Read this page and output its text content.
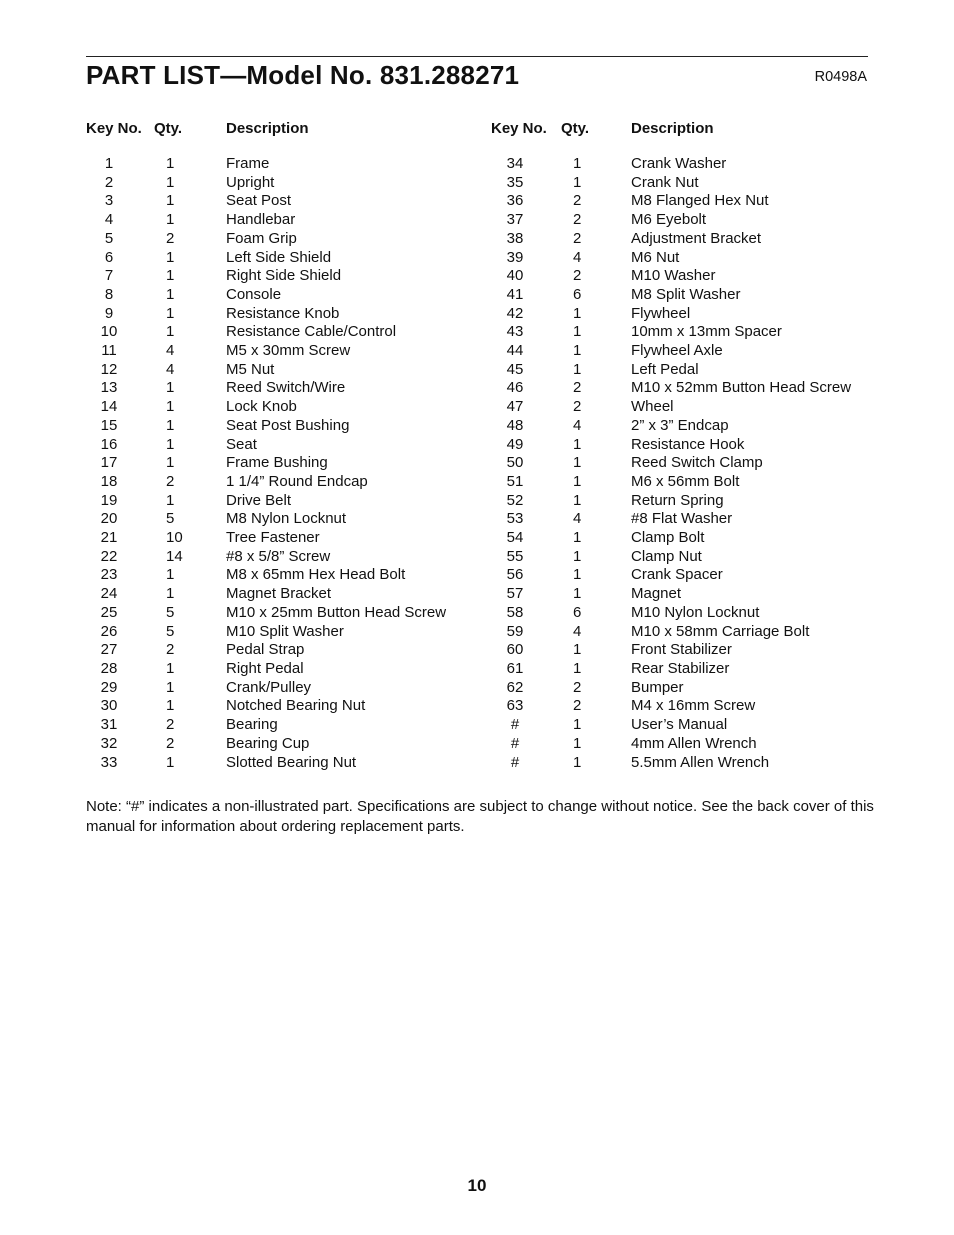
PART LIST—Model No. 831.288271	R0498A
Key No.	Qty.	Description
1	1	Frame
2	1	Upright
3	1	Seat Post
4	1	Handlebar
5	2	Foam Grip
6	1	Left Side Shield
7	1	Right Side Shield
8	1	Console
9	1	Resistance Knob
10	1	Resistance Cable/Control
11	4	M5 x 30mm Screw
12	4	M5 Nut
13	1	Reed Switch/Wire
14	1	Lock Knob
15	1	Seat Post Bushing
16	1	Seat
17	1	Frame Bushing
18	2	1 1/4” Round Endcap
19	1	Drive Belt
20	5	M8 Nylon Locknut
21	10	Tree Fastener
22	14	#8 x 5/8” Screw
23	1	M8 x 65mm Hex Head Bolt
24	1	Magnet Bracket
25	5	M10 x 25mm Button Head Screw
26	5	M10 Split Washer
27	2	Pedal Strap
28	1	Right Pedal
29	1	Crank/Pulley
30	1	Notched Bearing Nut
31	2	Bearing
32	2	Bearing Cup
33	1	Slotted Bearing Nut
Key No.	Qty.	Description
34	1	Crank Washer
35	1	Crank Nut
36	2	M8 Flanged Hex Nut
37	2	M6 Eyebolt
38	2	Adjustment Bracket
39	4	M6 Nut
40	2	M10 Washer
41	6	M8 Split Washer
42	1	Flywheel
43	1	10mm x 13mm Spacer
44	1	Flywheel Axle
45	1	Left Pedal
46	2	M10 x 52mm Button Head Screw
47	2	Wheel
48	4	2” x 3” Endcap
49	1	Resistance Hook
50	1	Reed Switch Clamp
51	1	M6 x 56mm Bolt
52	1	Return Spring
53	4	#8 Flat Washer
54	1	Clamp Bolt
55	1	Clamp Nut
56	1	Crank Spacer
57	1	Magnet
58	6	M10 Nylon Locknut
59	4	M10 x 58mm Carriage Bolt
60	1	Front Stabilizer
61	1	Rear Stabilizer
62	2	Bumper
63	2	M4 x 16mm Screw
#	1	User’s Manual
#	1	4mm Allen Wrench
#	1	5.5mm Allen Wrench
Note: “#” indicates a non-illustrated part. Specifications are subject to change without notice. See the back cover of this manual for information about ordering replacement parts.
10
